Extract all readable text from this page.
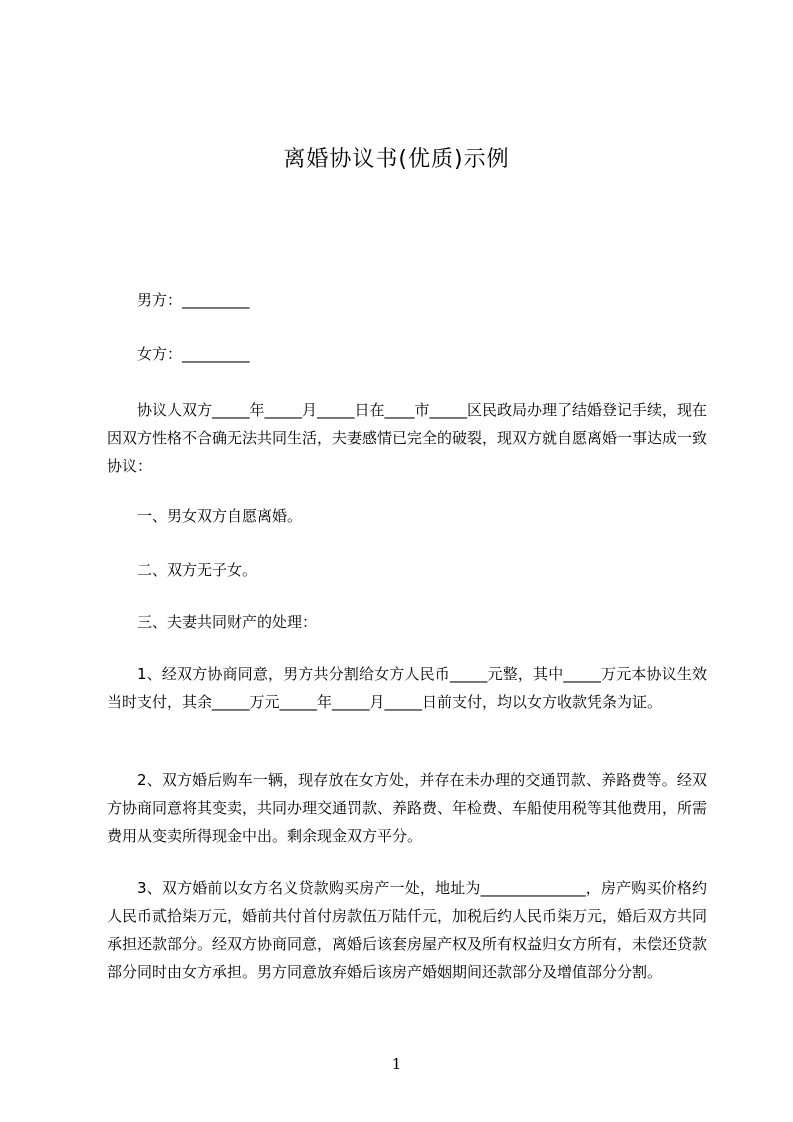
离婚协议书(优质)示例
男方：_________
女方：_________
协议人双方_____年_____月_____日在____市_____区民政局办理了结婚登记手续，现在因双方性格不合确无法共同生活，夫妻感情已完全的破裂，现双方就自愿离婚一事达成一致协议：
一、男女双方自愿离婚。
二、双方无子女。
三、夫妻共同财产的处理：
1、经双方协商同意，男方共分割给女方人民币_____元整，其中_____万元本协议生效当时支付，其余_____万元_____年_____月_____日前支付，均以女方收款凭条为证。
2、双方婚后购车一辆，现存放在女方处，并存在未办理的交通罚款、养路费等。经双方协商同意将其变卖，共同办理交通罚款、养路费、年检费、车船使用税等其他费用，所需费用从变卖所得现金中出。剩余现金双方平分。
3、双方婚前以女方名义贷款购买房产一处，地址为______________，房产购买价格约人民币贰拾柒万元，婚前共付首付房款伍万陆仟元，加税后约人民币柒万元，婚后双方共同承担还款部分。经双方协商同意，离婚后该套房屋产权及所有权益归女方所有，未偿还贷款部分同时由女方承担。男方同意放弃婚后该房产婚姻期间还款部分及增值部分分割。
1
